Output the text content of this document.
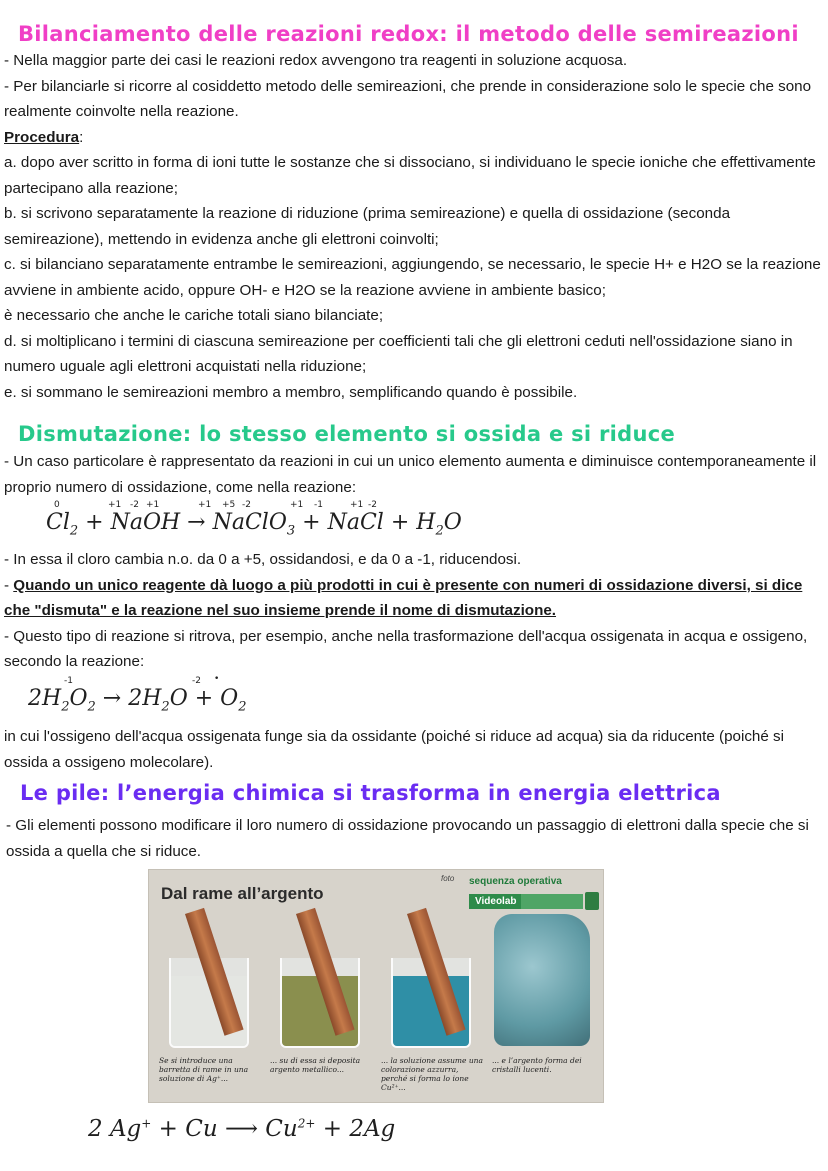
Bilanciamento delle reazioni redox: il metodo delle semireazioni

- Nella maggior parte dei casi le reazioni redox avvengono tra reagenti in soluzione acquosa.

- Per bilanciarle si ricorre al cosiddetto metodo delle semireazioni, che prende in considerazione solo le specie che sono realmente coinvolte nella reazione.

Procedura:

a. dopo aver scritto in forma di ioni tutte le sostanze che si dissociano, si individuano le specie ioniche che effettivamente partecipano alla reazione;

b. si scrivono separatamente la reazione di riduzione (prima semireazione) e quella di ossidazione (seconda semireazione), mettendo in evidenza anche gli elettroni coinvolti;

c. si bilanciano separatamente entrambe le semireazioni, aggiungendo, se necessario, le specie H+ e H2O se la reazione avviene in ambiente acido, oppure OH- e H2O se la reazione avviene in ambiente basico;

è necessario che anche le cariche totali siano bilanciate;

d. si moltiplicano i termini di ciascuna semireazione per coefficienti tali che gli elettroni ceduti nell'ossidazione siano in numero uguale agli elettroni acquistati nella riduzione;

e. si sommano le semireazioni membro a membro, semplificando quando è possibile.

Dismutazione: lo stesso elemento si ossida e si riduce

- Un caso particolare è rappresentato da reazioni in cui un unico elemento aumenta e diminuisce contemporaneamente il proprio numero di ossidazione, come nella reazione:

0	+1 -2 +1	+1 +5 -2	+1 -1	+1 -2
$Cl_2$ + NaOH → NaClO$_3$ + NaCl + $H_2O$

- In essa il cloro cambia n.o. da 0 a +5, ossidandosi, e da 0 a -1, riducendosi.

- Quando un unico reagente dà luogo a più prodotti in cui è presente con numeri di ossidazione diversi, si dice che "dismuta" e la reazione nel suo insieme prende il nome di dismutazione.

- Questo tipo di reazione si ritrova, per esempio, anche nella trasformazione dell'acqua ossigenata in acqua e ossigeno, secondo la reazione:

-1	-2 •
$2H_2O_2 \to 2H_2O + O_2$

in cui l'ossigeno dell'acqua ossigenata funge sia da ossidante (poiché si riduce ad acqua) sia da riducente (poiché si ossida a ossigeno molecolare).

Le pile: l’energia chimica si trasforma in energia elettrica

- Gli elementi possono modificare il loro numero di ossidazione provocando un passaggio di elettroni dalla specie che si ossida a quella che si riduce.

Dal rame all’argento
foto sequenza operativa
Videolab
Se si introduce una barretta di rame in una soluzione di Ag⁺...
... su di essa si deposita argento metallico...
... la soluzione assume una colorazione azzurra, perché si forma lo ione Cu²⁺...
... e l’argento forma dei cristalli lucenti.
2 Ag+ + Cu ⟶ $Cu^{2+} + 2Ag$
